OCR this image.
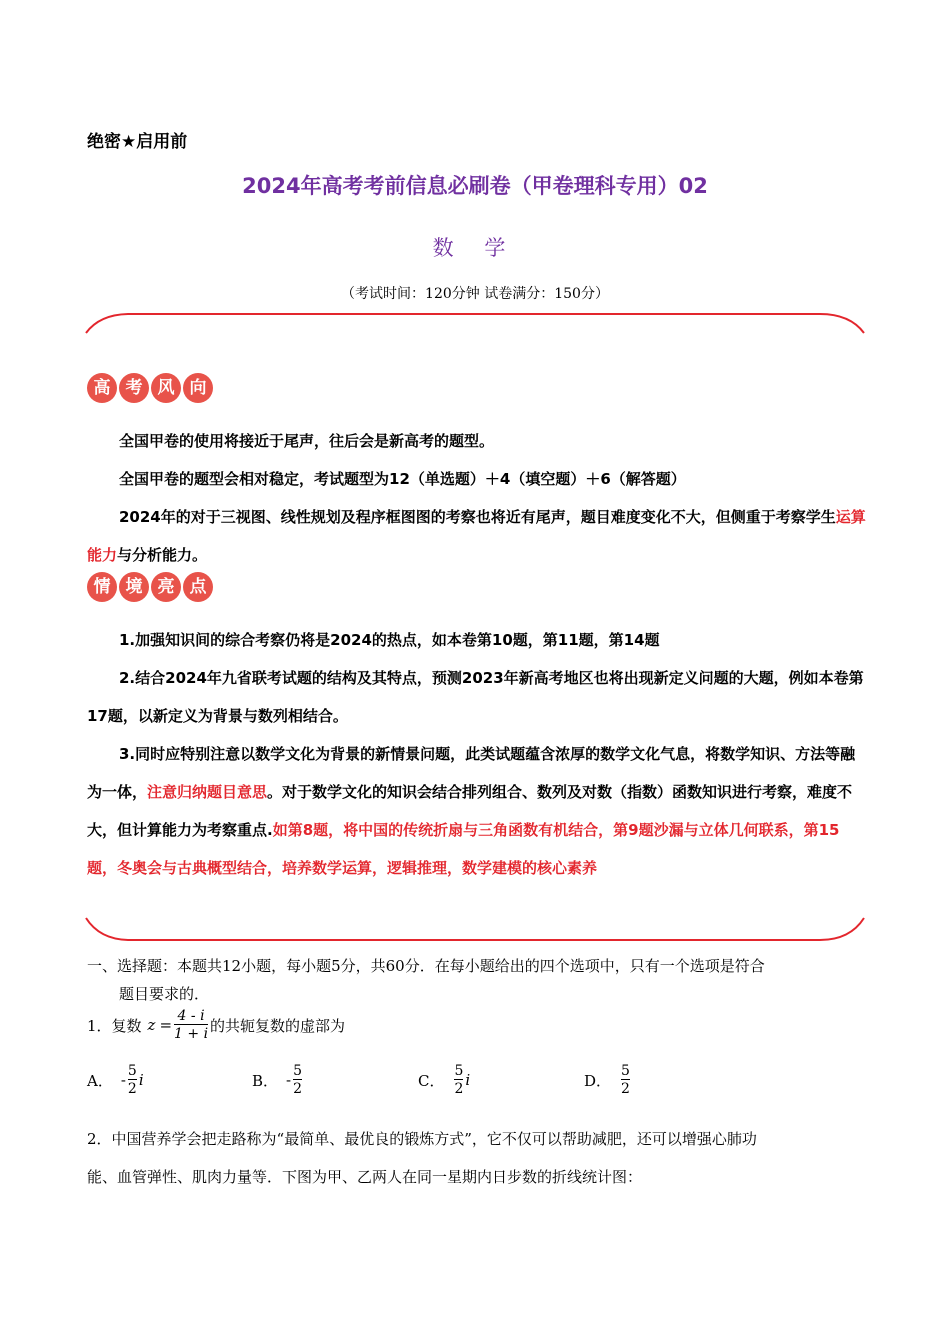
绝密★启用前
2024年高考考前信息必刷卷（甲卷理科专用）02
数 学
（考试时间：120分钟 试卷满分：150分）
高 考 风 向

全国甲卷的使用将接近于尾声，往后会是新高考的题型。

全国甲卷的题型会相对稳定，考试题型为12（单选题）＋4（填空题）＋6（解答题）

2024年的对于三视图、线性规划及程序框图图的考察也将近有尾声，题目难度变化不大，但侧重于考察学生运算能力与分析能力。

情 境 亮 点

1.加强知识间的综合考察仍将是2024的热点，如本卷第10题，第11题，第14题

2.结合2024年九省联考试题的结构及其特点，预测2023年新高考地区也将出现新定义问题的大题，例如本卷第17题，以新定义为背景与数列相结合。

3.同时应特别注意以数学文化为背景的新情景问题，此类试题蕴含浓厚的数学文化气息，将数学知识、方法等融为一体，注意归纳题目意思。对于数学文化的知识会结合排列组合、数列及对数（指数）函数知识进行考察，难度不大，但计算能力为考察重点.如第8题，将中国的传统折扇与三角函数有机结合，第9题沙漏与立体几何联系，第15题，冬奥会与古典概型结合，培养数学运算，逻辑推理，数学建模的核心素养

一、选择题：本题共12小题，每小题5分，共60分．在每小题给出的四个选项中，只有一个选项是符合
题目要求的．
1．复数 $z = \frac{4 - i}{1 + i}$ 的共轭复数的虚部为
A． - $\frac{5}{2}$ i	B． - $\frac{5}{2}$	C． $\frac{5}{2}$ i	D． $\frac{5}{2}$
2．中国营养学会把走路称为“最简单、最优良的锻炼方式”，它不仅可以帮助减肥，还可以增强心肺功
能、血管弹性、肌肉力量等．下图为甲、乙两人在同一星期内日步数的折线统计图：
